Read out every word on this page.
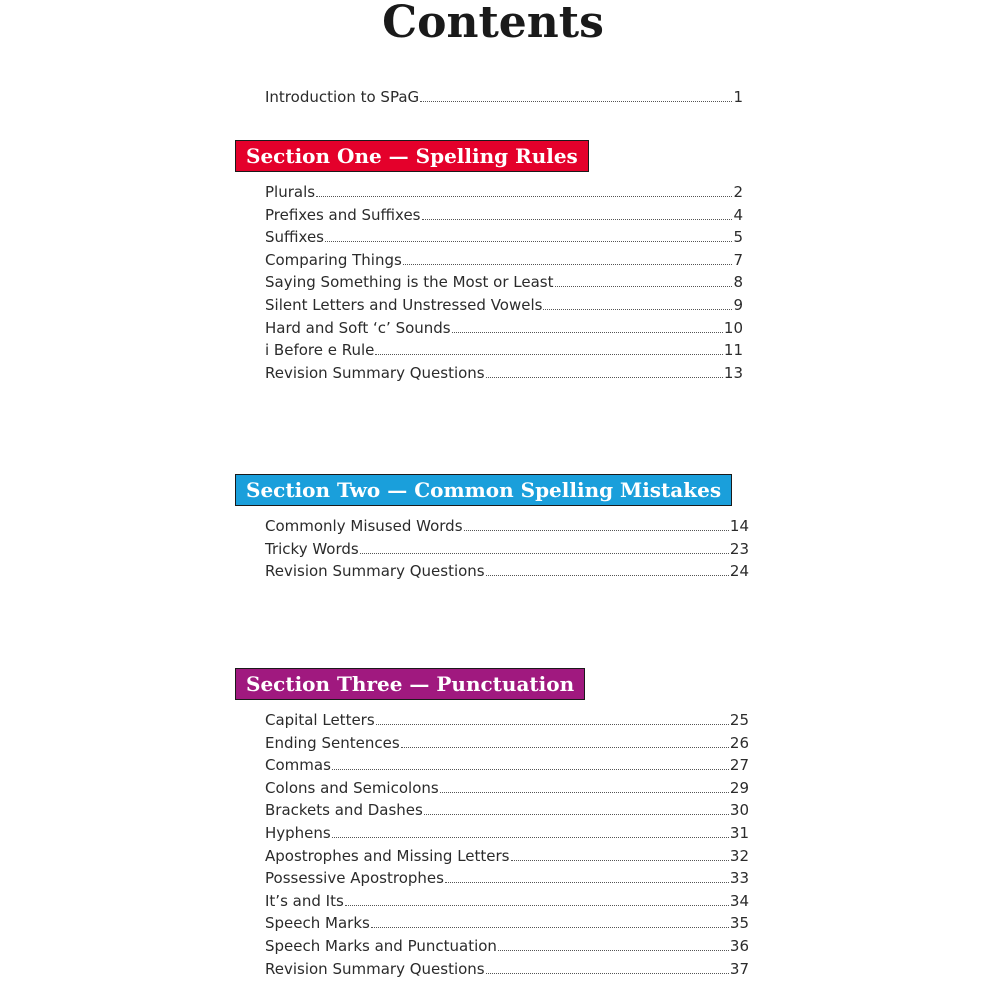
Contents
Introduction to SPaG	1
Section One — Spelling Rules
Plurals	2
Prefixes and Suffixes	4
Suffixes	5
Comparing Things	7
Saying Something is the Most or Least	8
Silent Letters and Unstressed Vowels	9
Hard and Soft ‘c’ Sounds	10
i Before e Rule	11
Revision Summary Questions	13
Section Two — Common Spelling Mistakes
Commonly Misused Words	14
Tricky Words	23
Revision Summary Questions	24
Section Three — Punctuation
Capital Letters	25
Ending Sentences	26
Commas	27
Colons and Semicolons	29
Brackets and Dashes	30
Hyphens	31
Apostrophes and Missing Letters	32
Possessive Apostrophes	33
It’s and Its	34
Speech Marks	35
Speech Marks and Punctuation	36
Revision Summary Questions	37
